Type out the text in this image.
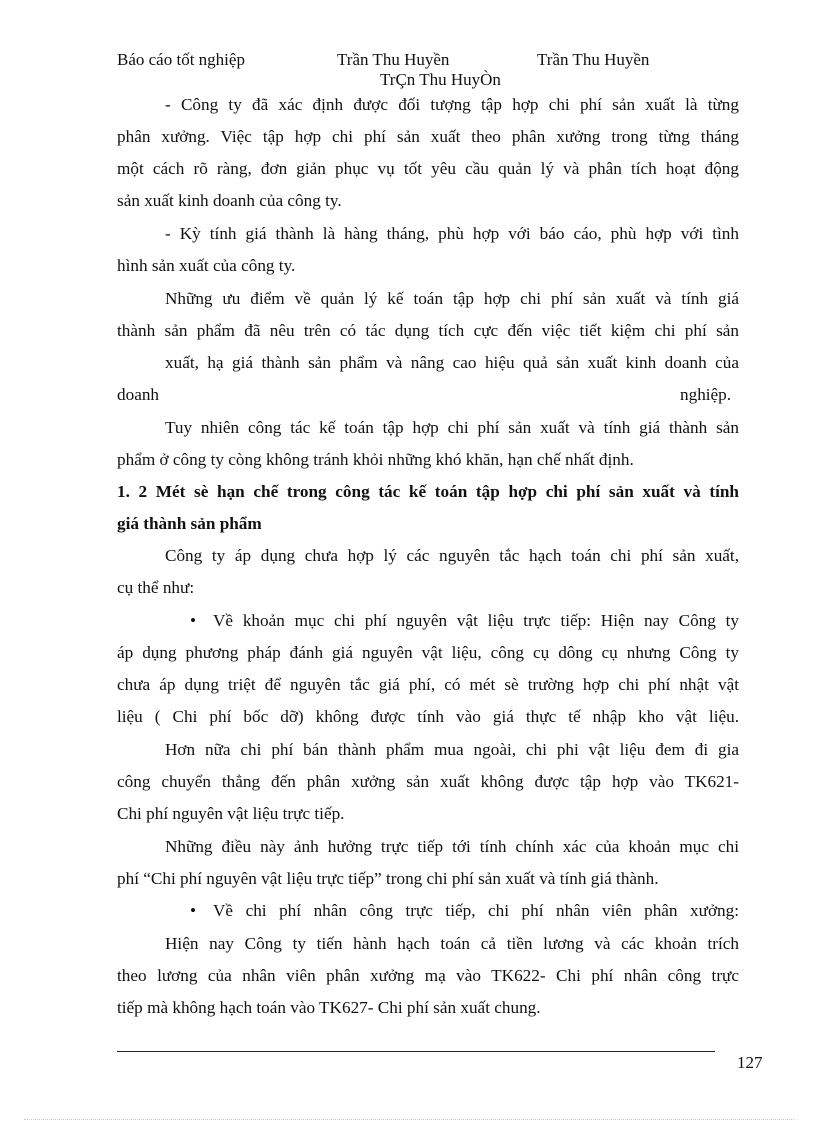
Báo cáo tốt nghiệp	Trần Thu Huyền	Trần Thu Huyền
TrÇn Thu HuyÒn
- Công ty đã xác định được đối tượng tập hợp chi phí sản xuất là từng
phân xưởng. Việc tập hợp chi phí sản xuất theo phân xưởng trong từng tháng
một cách rõ ràng, đơn giản phục vụ tốt yêu cầu quản lý và phân tích hoạt động
sản xuất kinh doanh của công ty.
- Kỳ tính giá thành là hàng tháng, phù hợp với báo cáo, phù hợp với tình
hình sản xuất của công ty.
Những ưu điểm về quản lý kế toán tập hợp chi phí sản xuất và tính giá
thành sản phẩm đã nêu trên có tác dụng tích cực đến việc tiết kiệm chi phí sản
xuất, hạ giá thành sản phẩm và nâng cao hiệu quả sản xuất kinh doanh của
doanh	nghiệp.
Tuy nhiên công tác kế toán tập hợp chi phí sản xuất và tính giá thành sản
phẩm ở công ty còng không tránh khỏi những khó khăn, hạn chế nhất định.
1. 2 Mét sè hạn chế trong công tác kế toán tập hợp chi phí sản xuất và tính
giá thành sản phẩm
Công ty áp dụng chưa hợp lý các nguyên tắc hạch toán chi phí sản xuất,
cụ thể như:
• Về khoản mục chi phí nguyên vật liệu trực tiếp: Hiện nay Công ty
áp dụng phương pháp đánh giá nguyên vật liệu, công cụ dông cụ nhưng Công ty
chưa áp dụng triệt để nguyên tắc giá phí, có mét sè trường hợp chi phí nhật vật
liệu ( Chi phí bốc dỡ) không được tính vào giá thực tế nhập kho vật liệu.
Hơn nữa chi phí bán thành phẩm mua ngoài, chi phi vật liệu đem đi gia
công chuyển thẳng đến phân xưởng sản xuất không được tập hợp vào TK621-
Chi phí nguyên vật liệu trực tiếp.
Những điều này ảnh hưởng trực tiếp tới tính chính xác của khoản mục chi
phí “Chi phí nguyên vật liệu trực tiếp” trong chi phí sản xuất và tính giá thành.
• Về chi phí nhân công trực tiếp, chi phí nhân viên phân xưởng:
Hiện nay Công ty tiến hành hạch toán cả tiền lương và các khoản trích
theo lương của nhân viên phân xưởng mạ vào TK622- Chi phí nhân công trực
tiếp mà không hạch toán vào TK627- Chi phí sản xuất chung.
127
